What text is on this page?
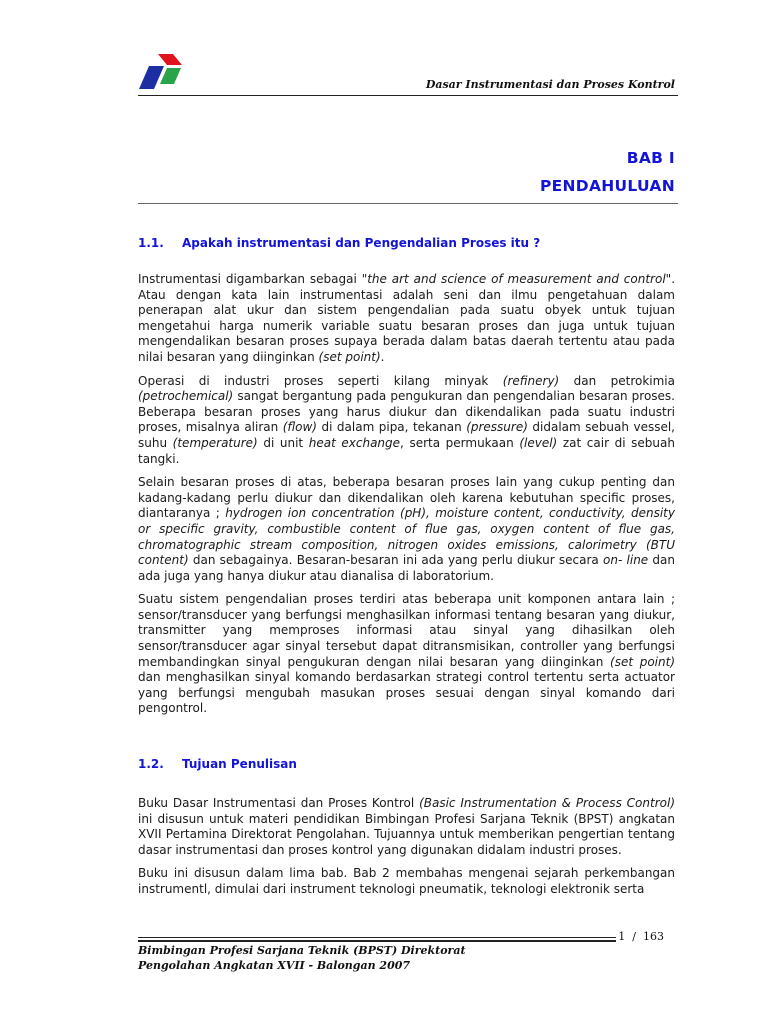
Dasar Instrumentasi dan Proses Kontrol
BAB I
PENDAHULUAN
1.1. Apakah instrumentasi dan Pengendalian Proses itu ?

Instrumentasi digambarkan sebagai "the art and science of measurement and control". Atau dengan kata lain instrumentasi adalah seni dan ilmu pengetahuan dalam penerapan alat ukur dan sistem pengendalian pada suatu obyek untuk tujuan mengetahui harga numerik variable suatu besaran proses dan juga untuk tujuan mengendalikan besaran proses supaya berada dalam batas daerah tertentu atau pada nilai besaran yang diinginkan (set point).

Operasi di industri proses seperti kilang minyak (refinery) dan petrokimia (petrochemical) sangat bergantung pada pengukuran dan pengendalian besaran proses. Beberapa besaran proses yang harus diukur dan dikendalikan pada suatu industri proses, misalnya aliran (flow) di dalam pipa, tekanan (pressure) didalam sebuah vessel, suhu (temperature) di unit heat exchange, serta permukaan (level) zat cair di sebuah tangki.

Selain besaran proses di atas, beberapa besaran proses lain yang cukup penting dan kadang-kadang perlu diukur dan dikendalikan oleh karena kebutuhan specific proses, diantaranya ; hydrogen ion concentration (pH), moisture content, conductivity, density or specific gravity, combustible content of flue gas, oxygen content of flue gas, chromatographic stream composition, nitrogen oxides emissions, calorimetry (BTU content) dan sebagainya. Besaran-besaran ini ada yang perlu diukur secara on- line dan ada juga yang hanya diukur atau dianalisa di laboratorium.

Suatu sistem pengendalian proses terdiri atas beberapa unit komponen antara lain ; sensor/transducer yang berfungsi menghasilkan informasi tentang besaran yang diukur, transmitter yang memproses informasi atau sinyal yang dihasilkan oleh sensor/transducer agar sinyal tersebut dapat ditransmisikan, controller yang berfungsi membandingkan sinyal pengukuran dengan nilai besaran yang diinginkan (set point) dan menghasilkan sinyal komando berdasarkan strategi control tertentu serta actuator yang berfungsi mengubah masukan proses sesuai dengan sinyal komando dari pengontrol.

1.2. Tujuan Penulisan

Buku Dasar Instrumentasi dan Proses Kontrol (Basic Instrumentation & Process Control) ini disusun untuk materi pendidikan Bimbingan Profesi Sarjana Teknik (BPST) angkatan XVII Pertamina Direktorat Pengolahan. Tujuannya untuk memberikan pengertian tentang dasar instrumentasi dan proses kontrol yang digunakan didalam industri proses.

Buku ini disusun dalam lima bab. Bab 2 membahas mengenai sejarah perkembangan instrumentl, dimulai dari instrument teknologi pneumatik, teknologi elektronik serta

1 / 163
Bimbingan Profesi Sarjana Teknik (BPST) Direktorat
Pengolahan Angkatan XVII - Balongan 2007
